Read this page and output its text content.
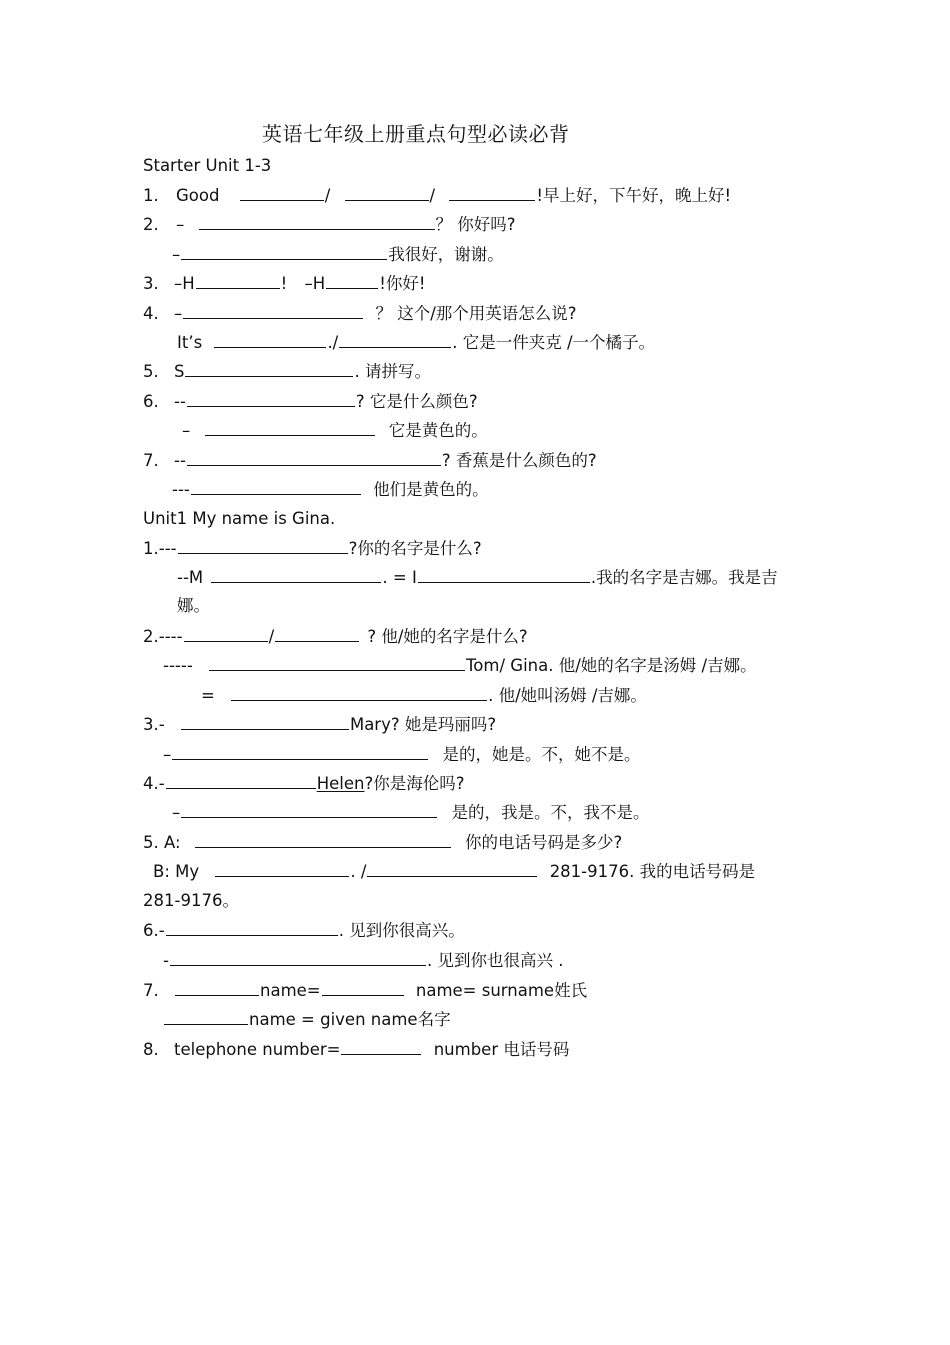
英语七年级上册重点句型必读必背
Starter Unit 1-3
1. Good	/	/	!早上好，下午好，晚上好!
2. –	？ 你好吗?
–	我很好，谢谢。
3. –H	! –H	!你好!
4. –	？ 这个/那个用英语怎么说?
It’s	./	. 它是一件夹克 /一个橘子。
5. S	. 请拼写。
6. --	? 它是什么颜色?
–	它是黄色的。
7. --	? 香蕉是什么颜色的?
---	他们是黄色的。
Unit1 My name is Gina.
1.---	?你的名字是什么?
--M	. = I	.我的名字是吉娜。我是吉
娜。
2.----	/	? 他/她的名字是什么?
-----	Tom/ Gina. 他/她的名字是汤姆 /吉娜。
=	. 他/她叫汤姆 /吉娜。
3.-	Mary? 她是玛丽吗?
–	是的，她是。不，她不是。
4.-	Helen?你是海伦吗?
–	是的，我是。不，我不是。
5. A:	你的电话号码是多少?
B: My	. /	281-9176. 我的电话号码是
281-9176。
6.-	. 见到你很高兴。
-	. 见到你也很高兴 .
7.	name=	name= surname姓氏
name = given name名字
8. telephone number=	number 电话号码
